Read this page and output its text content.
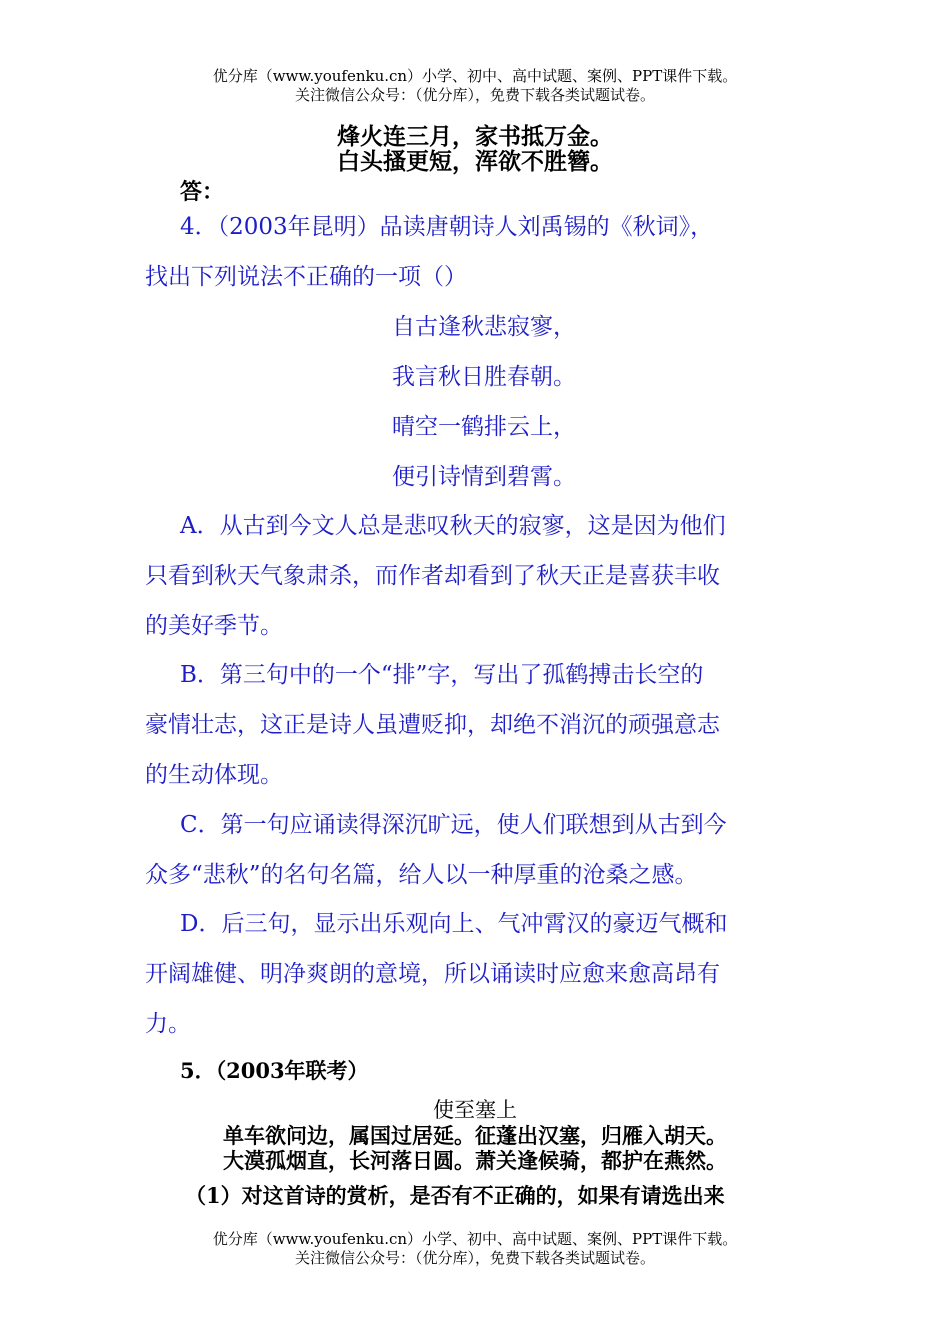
优分库（www.youfenku.cn）小学、初中、高中试题、案例、PPT课件下载。
关注微信公众号：（优分库），免费下载各类试题试卷。
烽火连三月，家书抵万金。
白头搔更短，浑欲不胜簪。
答：
4．（2003年昆明）品读唐朝诗人刘禹锡的《秋词》，
找出下列说法不正确的一项（）
自古逢秋悲寂寥，
我言秋日胜春朝。
晴空一鹤排云上，
便引诗情到碧霄。
A．从古到今文人总是悲叹秋天的寂寥，这是因为他们
只看到秋天气象肃杀，而作者却看到了秋天正是喜获丰收
的美好季节。
B．第三句中的一个“排”字，写出了孤鹤搏击长空的
豪情壮志，这正是诗人虽遭贬抑，却绝不消沉的顽强意志
的生动体现。
C．第一句应诵读得深沉旷远，使人们联想到从古到今
众多“悲秋”的名句名篇，给人以一种厚重的沧桑之感。
D．后三句，显示出乐观向上、气冲霄汉的豪迈气概和
开阔雄健、明净爽朗的意境，所以诵读时应愈来愈高昂有
力。
5．（2003年联考）
使至塞上
单车欲问边，属国过居延。征蓬出汉塞，归雁入胡天。
大漠孤烟直，长河落日圆。萧关逢候骑，都护在燕然。
（1）对这首诗的赏析，是否有不正确的，如果有请选出来
优分库（www.youfenku.cn）小学、初中、高中试题、案例、PPT课件下载。
关注微信公众号：（优分库），免费下载各类试题试卷。
